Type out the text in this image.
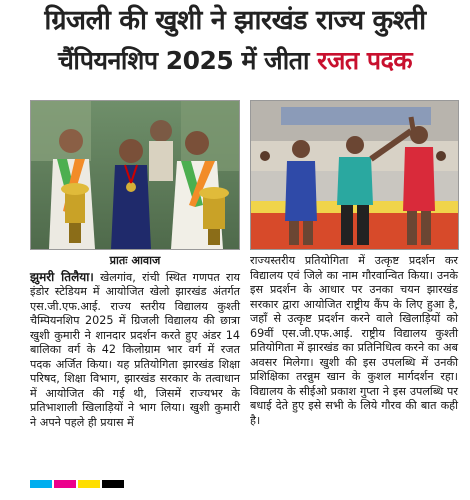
ग्रिजली की खुशी ने झारखंड राज्य कुश्ती
चैंपियनशिप 2025 में जीता रजत पदक
प्रातः आवाज
झुमरी तिलैया। खेलगांव, रांची स्थित गणपत राय इंडोर स्टेडियम में आयोजित खेलो झारखंड अंतर्गत एस.जी.एफ.आई. राज्य स्तरीय विद्यालय कुश्ती चैम्पियनशिप 2025 में ग्रिजली विद्यालय की छात्रा खुशी कुमारी ने शानदार प्रदर्शन करते हुए अंडर 14 बालिका वर्ग के 42 किलोग्राम भार वर्ग में रजत पदक अर्जित किया। यह प्रतियोगिता झारखंड शिक्षा परिषद, शिक्षा विभाग, झारखंड सरकार के तत्वाधान में आयोजित की गई थी, जिसमें राज्यभर के प्रतिभाशाली खिलाड़ियों ने भाग लिया। खुशी कुमारी ने अपने पहले ही प्रयास में
राज्यस्तरीय प्रतियोगिता में उत्कृष्ट प्रदर्शन कर विद्यालय एवं जिले का नाम गौरवान्वित किया। उनके इस प्रदर्शन के आधार पर उनका चयन झारखंड सरकार द्वारा आयोजित राष्ट्रीय कैंप के लिए हुआ है, जहाँ से उत्कृष्ट प्रदर्शन करने वाले खिलाड़ियों को 69वीं एस.जी.एफ.आई. राष्ट्रीय विद्यालय कुश्ती प्रतियोगिता में झारखंड का प्रतिनिधित्व करने का अब अवसर मिलेगा। खुशी की इस उपलब्धि में उनकी प्रशिक्षिका तरन्नुम खान के कुशल मार्गदर्शन रहा। विद्यालय के सीईओ प्रकाश गुप्ता ने इस उपलब्धि पर बधाई देते हुए इसे सभी के लिये गौरव की बात कही है।
